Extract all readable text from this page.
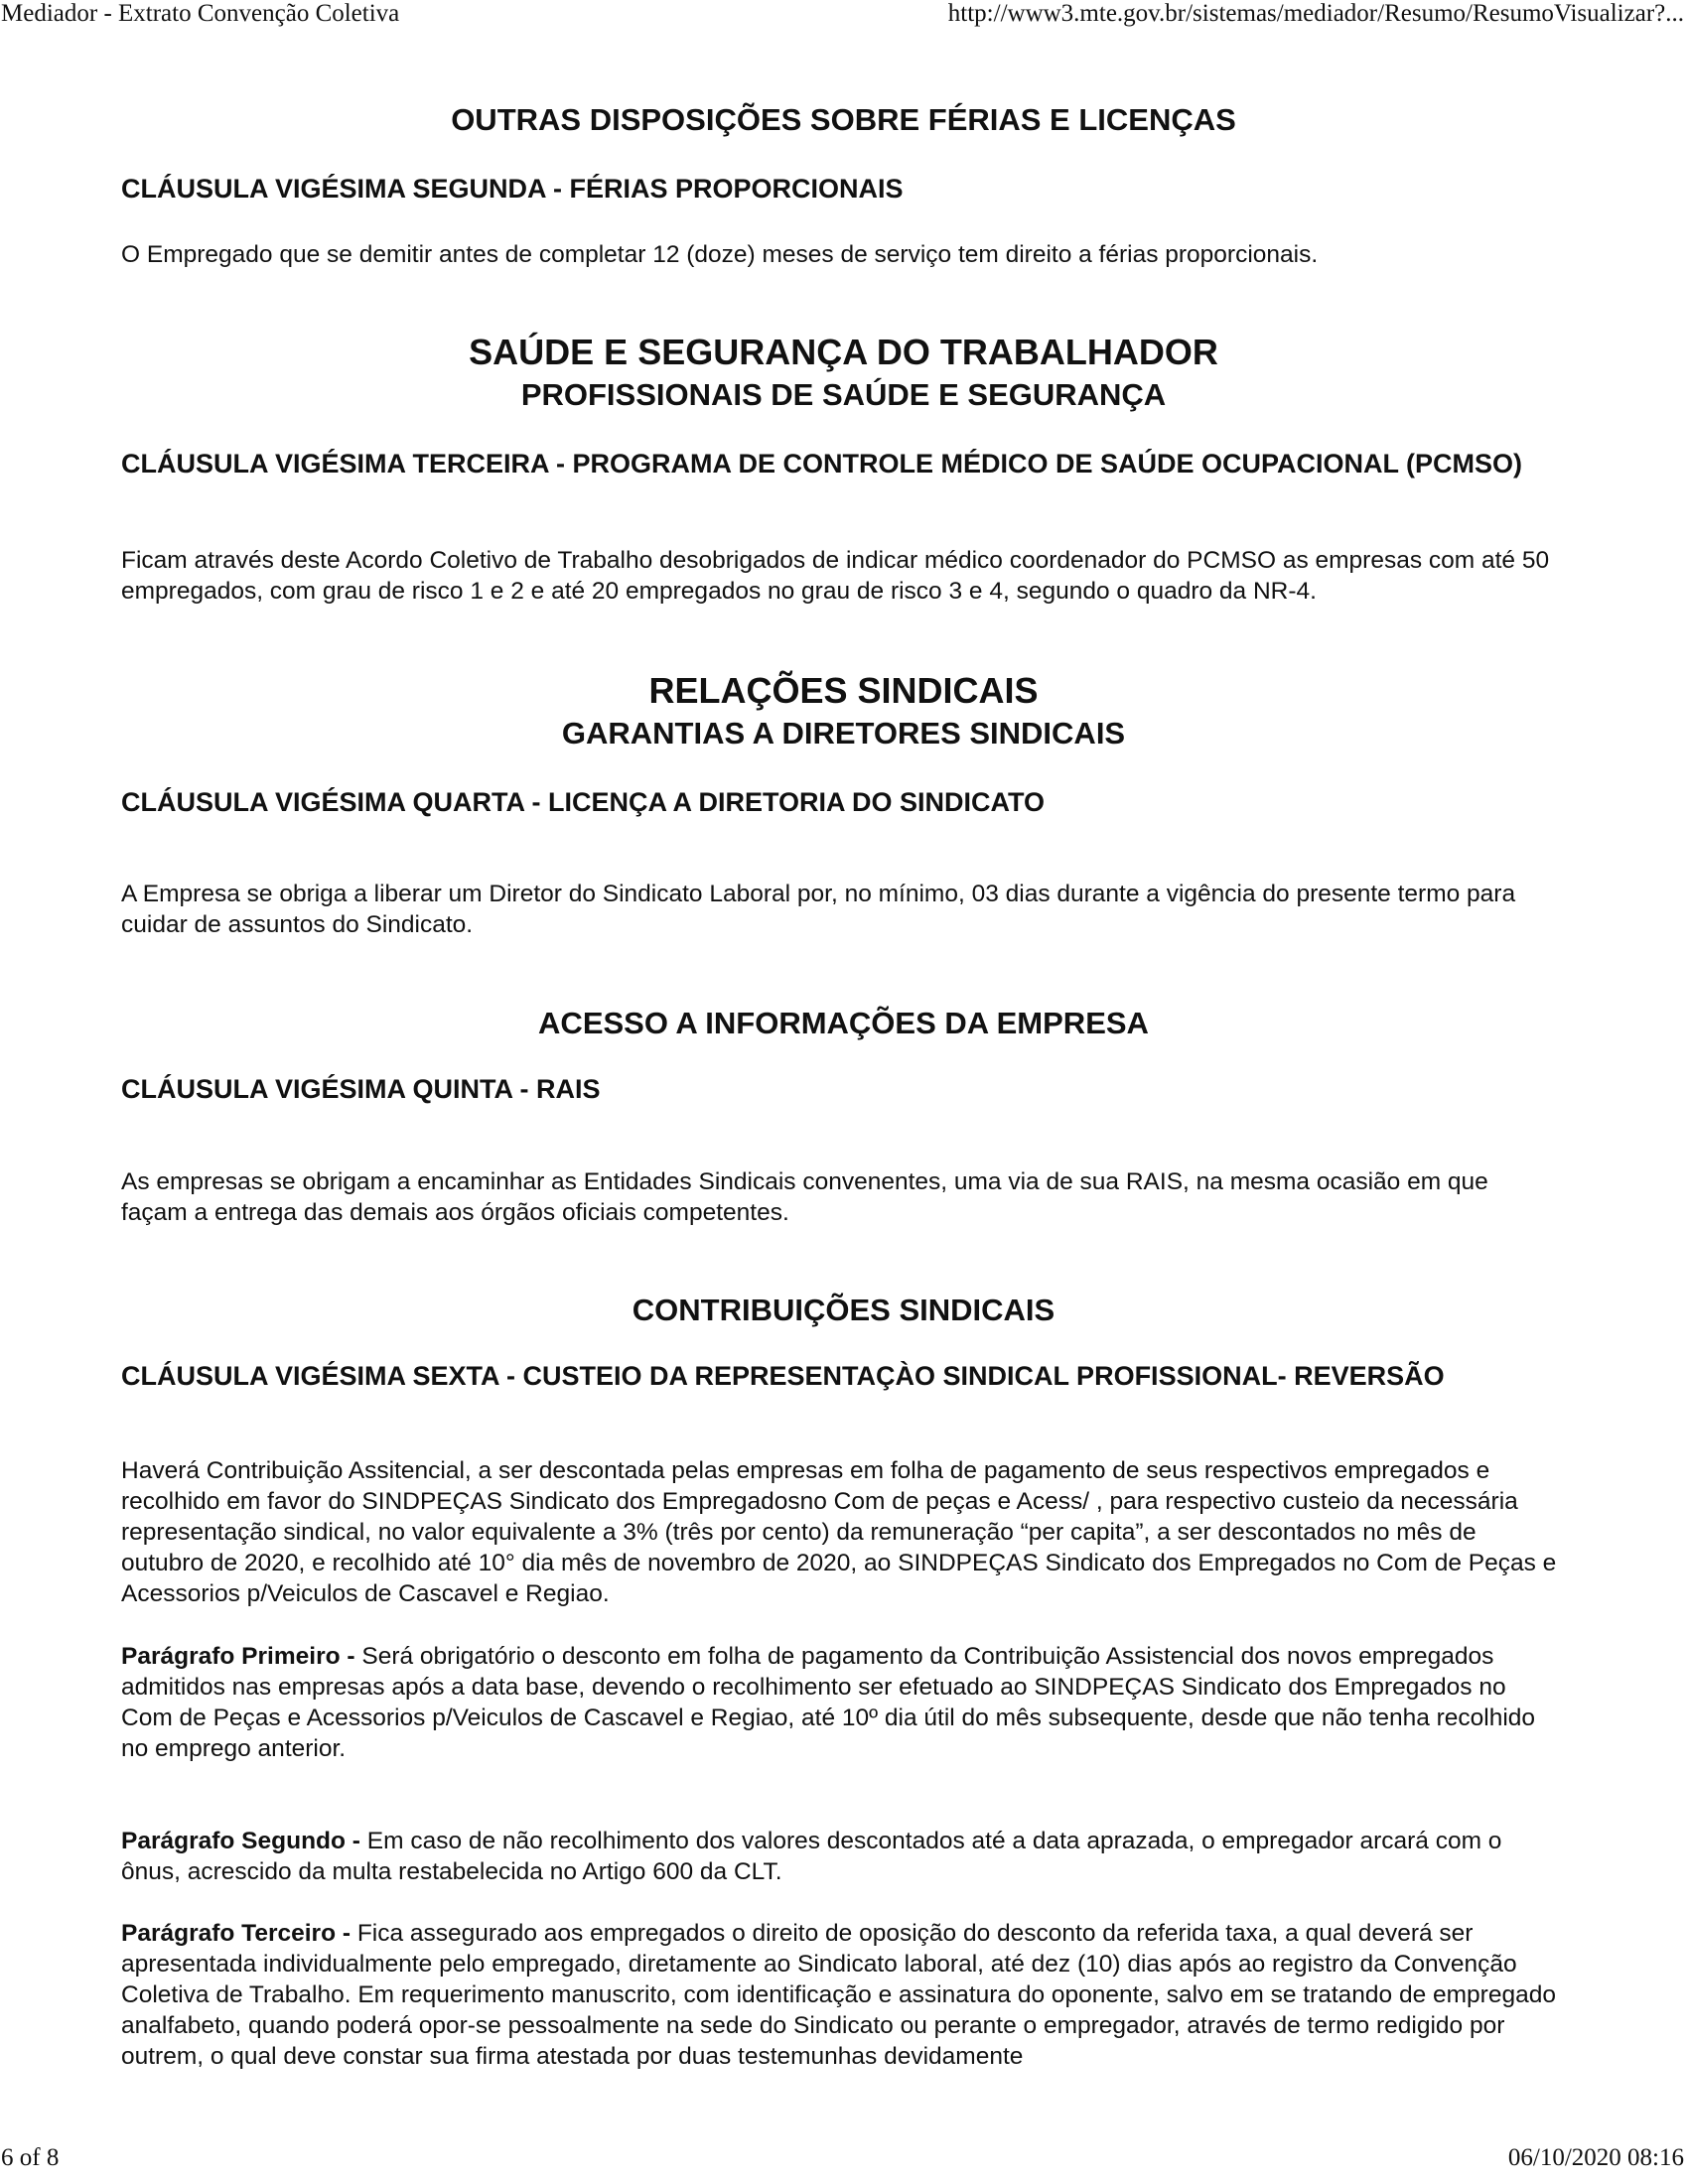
Mediador - Extrato Convenção Coletiva	http://www3.mte.gov.br/sistemas/mediador/Resumo/ResumoVisualizar?...
OUTRAS DISPOSIÇÕES SOBRE FÉRIAS E LICENÇAS
CLÁUSULA VIGÉSIMA SEGUNDA - FÉRIAS PROPORCIONAIS
O Empregado que se demitir antes de completar 12 (doze) meses de serviço tem direito a férias proporcionais.
SAÚDE E SEGURANÇA DO TRABALHADOR
PROFISSIONAIS DE SAÚDE E SEGURANÇA
CLÁUSULA VIGÉSIMA TERCEIRA - PROGRAMA DE CONTROLE MÉDICO DE SAÚDE OCUPACIONAL (PCMSO)
Ficam através deste Acordo Coletivo de Trabalho desobrigados de indicar médico coordenador do PCMSO as empresas com até 50 empregados, com grau de risco 1 e 2 e até 20 empregados no grau de risco 3 e 4, segundo o quadro da NR-4.
RELAÇÕES SINDICAIS
GARANTIAS A DIRETORES SINDICAIS
CLÁUSULA VIGÉSIMA QUARTA - LICENÇA A DIRETORIA DO SINDICATO
A Empresa se obriga a liberar um Diretor do Sindicato Laboral por, no mínimo, 03 dias durante a vigência do presente termo para cuidar de assuntos do Sindicato.
ACESSO A INFORMAÇÕES DA EMPRESA
CLÁUSULA VIGÉSIMA QUINTA - RAIS
As empresas se obrigam a encaminhar as Entidades Sindicais convenentes, uma via de sua RAIS, na mesma ocasião em que façam a entrega das demais aos órgãos oficiais competentes.
CONTRIBUIÇÕES SINDICAIS
CLÁUSULA VIGÉSIMA SEXTA - CUSTEIO DA REPRESENTAÇÀO SINDICAL PROFISSIONAL- REVERSÃO
Haverá Contribuição Assitencial, a ser descontada pelas empresas em folha de pagamento de seus respectivos empregados e recolhido em favor do SINDPEÇAS Sindicato dos Empregadosno Com de peças e Acess/ , para respectivo custeio da necessária representação sindical, no valor equivalente a 3% (três por cento) da remuneração “per capita”, a ser descontados no mês de outubro de 2020, e recolhido até 10° dia mês de novembro de 2020, ao SINDPEÇAS Sindicato dos Empregados no Com de Peças e Acessorios p/Veiculos de Cascavel e Regiao.
Parágrafo Primeiro - Será obrigatório o desconto em folha de pagamento da Contribuição Assistencial dos novos empregados admitidos nas empresas após a data base, devendo o recolhimento ser efetuado ao SINDPEÇAS Sindicato dos Empregados no Com de Peças e Acessorios p/Veiculos de Cascavel e Regiao, até 10º dia útil do mês subsequente, desde que não tenha recolhido no emprego anterior.
Parágrafo Segundo - Em caso de não recolhimento dos valores descontados até a data aprazada, o empregador arcará com o ônus, acrescido da multa restabelecida no Artigo 600 da CLT.
Parágrafo Terceiro - Fica assegurado aos empregados o direito de oposição do desconto da referida taxa, a qual deverá ser apresentada individualmente pelo empregado, diretamente ao Sindicato laboral, até dez (10) dias após ao registro da Convenção Coletiva de Trabalho. Em requerimento manuscrito, com identificação e assinatura do oponente, salvo em se tratando de empregado analfabeto, quando poderá opor-se pessoalmente na sede do Sindicato ou perante o empregador, através de termo redigido por outrem, o qual deve constar sua firma atestada por duas testemunhas devidamente
6 of 8	06/10/2020 08:16
